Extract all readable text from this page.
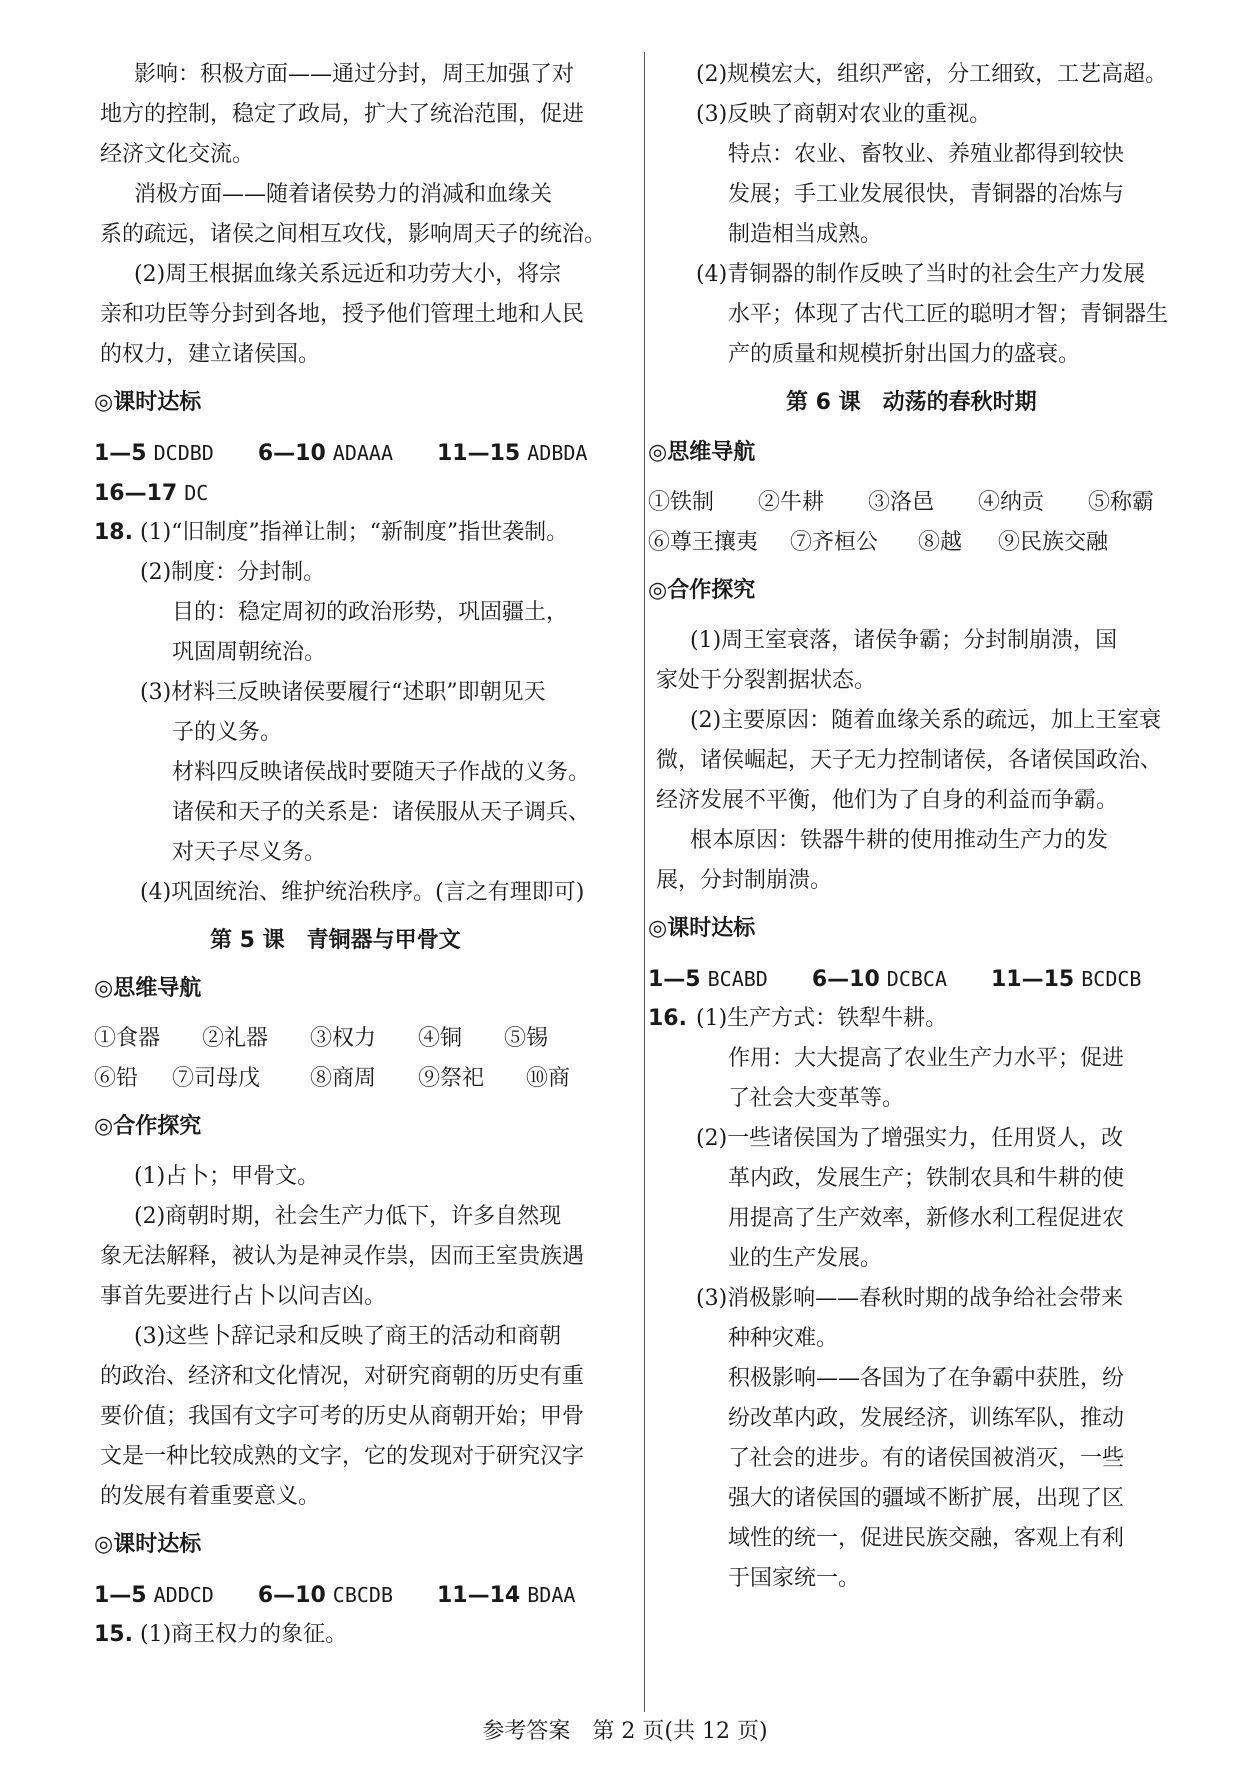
影响：积极方面——通过分封，周王加强了对
地方的控制，稳定了政局，扩大了统治范围，促进
经济文化交流。
消极方面——随着诸侯势力的消减和血缘关
系的疏远，诸侯之间相互攻伐，影响周天子的统治。
(2)周王根据血缘关系远近和功劳大小，将宗
亲和功臣等分封到各地，授予他们管理土地和人民
的权力，建立诸侯国。
◎课时达标
1—5 DCDBD 6—10 ADAAA 11—15 ADBDA
16—17 DC
18. (1)“旧制度”指禅让制；“新制度”指世袭制。
(2)制度：分封制。
目的：稳定周初的政治形势，巩固疆土，
巩固周朝统治。
(3)材料三反映诸侯要履行“述职”即朝见天
子的义务。
材料四反映诸侯战时要随天子作战的义务。
诸侯和天子的关系是：诸侯服从天子调兵、
对天子尽义务。
(4)巩固统治、维护统治秩序。(言之有理即可)
第 5 课　青铜器与甲骨文
◎思维导航
①食器 ②礼器 ③权力 ④铜 ⑤锡
⑥铅 ⑦司母戊 ⑧商周 ⑨祭祀 ⑩商
◎合作探究
(1)占卜；甲骨文。
(2)商朝时期，社会生产力低下，许多自然现
象无法解释，被认为是神灵作祟，因而王室贵族遇
事首先要进行占卜以问吉凶。
(3)这些卜辞记录和反映了商王的活动和商朝
的政治、经济和文化情况，对研究商朝的历史有重
要价值；我国有文字可考的历史从商朝开始；甲骨
文是一种比较成熟的文字，它的发现对于研究汉字
的发展有着重要意义。
◎课时达标
1—5 ADDCD 6—10 CBCDB 11—14 BDAA
15. (1)商王权力的象征。
(2)规模宏大，组织严密，分工细致，工艺高超。
(3)反映了商朝对农业的重视。
特点：农业、畜牧业、养殖业都得到较快
发展；手工业发展很快，青铜器的冶炼与
制造相当成熟。
(4)青铜器的制作反映了当时的社会生产力发展
水平；体现了古代工匠的聪明才智；青铜器生
产的质量和规模折射出国力的盛衰。
第 6 课　动荡的春秋时期
◎思维导航
①铁制 ②牛耕 ③洛邑 ④纳贡 ⑤称霸
⑥尊王攘夷 ⑦齐桓公 ⑧越 ⑨民族交融
◎合作探究
(1)周王室衰落，诸侯争霸；分封制崩溃，国
家处于分裂割据状态。
(2)主要原因：随着血缘关系的疏远，加上王室衰
微，诸侯崛起，天子无力控制诸侯，各诸侯国政治、
经济发展不平衡，他们为了自身的利益而争霸。
根本原因：铁器牛耕的使用推动生产力的发
展，分封制崩溃。
◎课时达标
1—5 BCABD 6—10 DCBCA 11—15 BCDCB
16. (1)生产方式：铁犁牛耕。
作用：大大提高了农业生产力水平；促进
了社会大变革等。
(2)一些诸侯国为了增强实力，任用贤人，改
革内政，发展生产；铁制农具和牛耕的使
用提高了生产效率，新修水利工程促进农
业的生产发展。
(3)消极影响——春秋时期的战争给社会带来
种种灾难。
积极影响——各国为了在争霸中获胜，纷
纷改革内政，发展经济，训练军队，推动
了社会的进步。有的诸侯国被消灭，一些
强大的诸侯国的疆域不断扩展，出现了区
域性的统一，促进民族交融，客观上有利
于国家统一。
参考答案　第 2 页(共 12 页)
